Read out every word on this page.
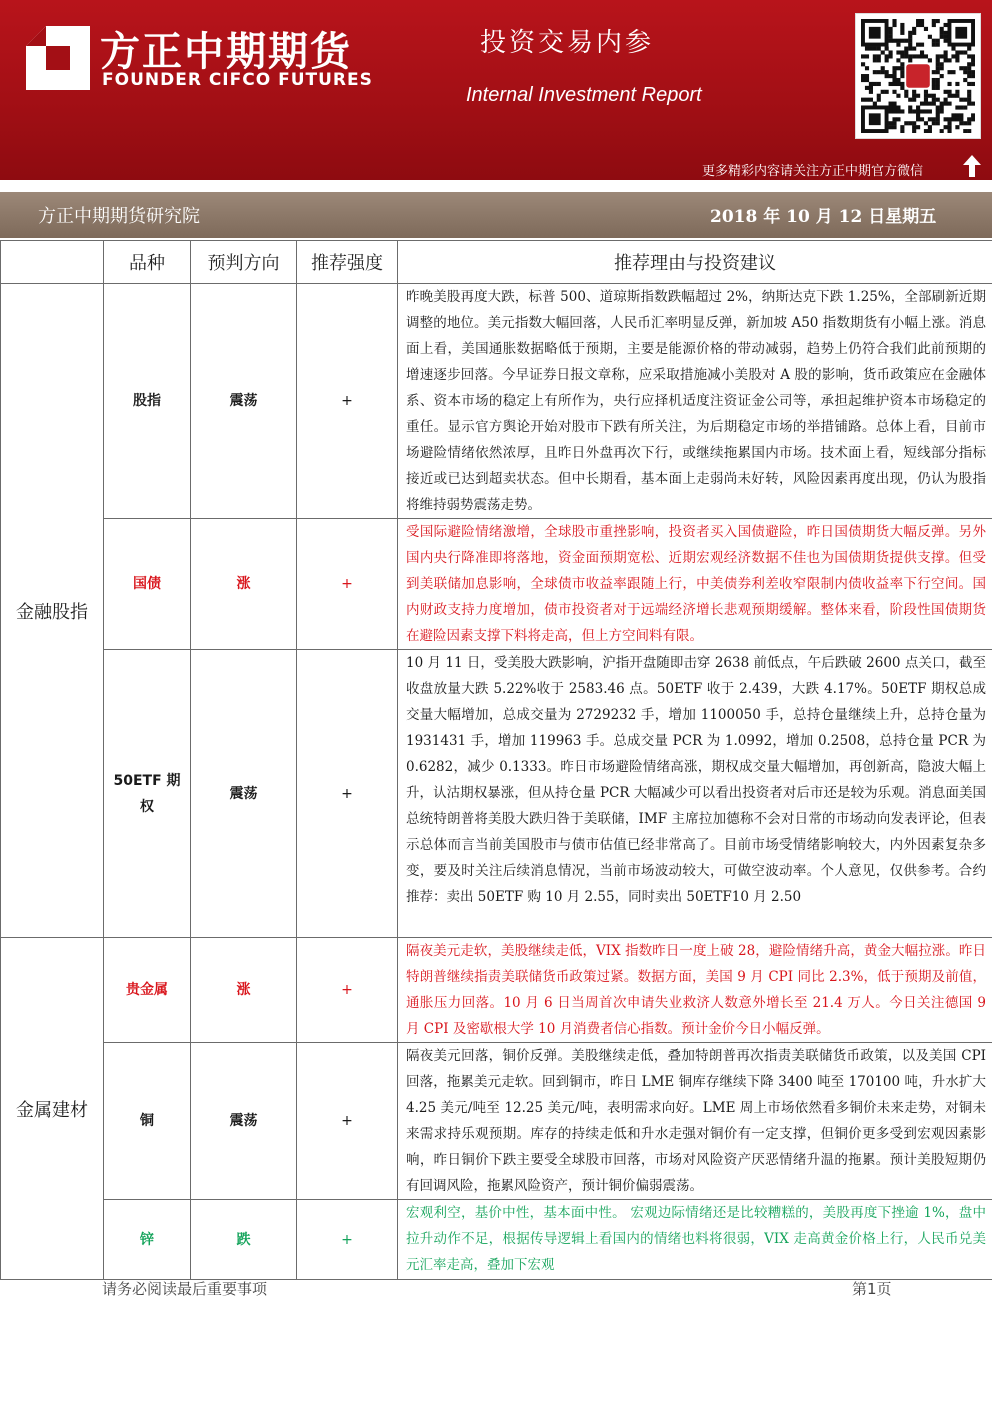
方正中期期货
FOUNDER CIFCO FUTURES
投资交易内参
Internal Investment Report
更多精彩内容请关注方正中期官方微信
方正中期期货研究院	2018 年 10 月 12 日星期五
	品种	预判方向	推荐强度	推荐理由与投资建议
金融股指	股指	震荡	+	昨晚美股再度大跌，标普 500、道琼斯指数跌幅超过 2%，纳斯达克下跌 1.25%，全部刷新近期调整的地位。美元指数大幅回落，人民币汇率明显反弹，新加坡 A50 指数期货有小幅上涨。消息面上看，美国通胀数据略低于预期，主要是能源价格的带动减弱，趋势上仍符合我们此前预期的增速逐步回落。今早证券日报文章称，应采取措施减小美股对 A 股的影响，货币政策应在金融体系、资本市场的稳定上有所作为，央行应择机适度注资证金公司等，承担起维护资本市场稳定的重任。显示官方舆论开始对股市下跌有所关注，为后期稳定市场的举措铺路。总体上看，目前市场避险情绪依然浓厚，且昨日外盘再次下行，或继续拖累国内市场。技术面上看，短线部分指标接近或已达到超卖状态。但中长期看，基本面上走弱尚未好转，风险因素再度出现，仍认为股指将维持弱势震荡走势。
	国债	涨	+	受国际避险情绪激增，全球股市重挫影响，投资者买入国债避险，昨日国债期货大幅反弹。另外国内央行降准即将落地，资金面预期宽松、近期宏观经济数据不佳也为国债期货提供支撑。但受到美联储加息影响，全球债市收益率跟随上行，中美债券利差收窄限制内债收益率下行空间。国内财政支持力度增加，债市投资者对于远端经济增长悲观预期缓解。整体来看，阶段性国债期货在避险因素支撑下料将走高，但上方空间料有限。
	50ETF 期权	震荡	+	10 月 11 日，受美股大跌影响，沪指开盘随即击穿 2638 前低点，午后跌破 2600 点关口，截至收盘放量大跌 5.22%收于 2583.46 点。50ETF 收于 2.439，大跌 4.17%。50ETF 期权总成交量大幅增加，总成交量为 2729232 手，增加 1100050 手，总持仓量继续上升，总持仓量为 1931431 手，增加 119963 手。总成交量 PCR 为 1.0992，增加 0.2508，总持仓量 PCR 为 0.6282，减少 0.1333。昨日市场避险情绪高涨，期权成交量大幅增加，再创新高，隐波大幅上升，认沽期权暴涨，但从持仓量 PCR 大幅减少可以看出投资者对后市还是较为乐观。消息面美国总统特朗普将美股大跌归咎于美联储，IMF 主席拉加德称不会对日常的市场动向发表评论，但表示总体而言当前美国股市与债市估值已经非常高了。目前市场受情绪影响较大，内外因素复杂多变，要及时关注后续消息情况，当前市场波动较大，可做空波动率。个人意见，仅供参考。合约推荐：卖出 50ETF 购 10 月 2.55，同时卖出 50ETF10 月 2.50
金属建材	贵金属	涨	+	隔夜美元走软，美股继续走低，VIX 指数昨日一度上破 28，避险情绪升高，黄金大幅拉涨。昨日特朗普继续指责美联储货币政策过紧。数据方面，美国 9 月 CPI 同比 2.3%，低于预期及前值，通胀压力回落。10 月 6 日当周首次申请失业救济人数意外增长至 21.4 万人。今日关注德国 9 月 CPI 及密歇根大学 10 月消费者信心指数。预计金价今日小幅反弹。
	铜	震荡	+	隔夜美元回落，铜价反弹。美股继续走低，叠加特朗普再次指责美联储货币政策，以及美国 CPI 回落，拖累美元走软。回到铜市，昨日 LME 铜库存继续下降 3400 吨至 170100 吨，升水扩大 4.25 美元/吨至 12.25 美元/吨，表明需求向好。LME 周上市场依然看多铜价未来走势，对铜未来需求持乐观预期。库存的持续走低和升水走强对铜价有一定支撑，但铜价更多受到宏观因素影响，昨日铜价下跌主要受全球股市回落，市场对风险资产厌恶情绪升温的拖累。预计美股短期仍有回调风险，拖累风险资产，预计铜价偏弱震荡。
	锌	跌	+	宏观利空，基价中性，基本面中性。 宏观边际情绪还是比较糟糕的，美股再度下挫逾 1%，盘中拉升动作不足，根据传导逻辑上看国内的情绪也料将很弱，VIX 走高黄金价格上行，人民币兑美元汇率走高，叠加下宏观
请务必阅读最后重要事项	第1页
